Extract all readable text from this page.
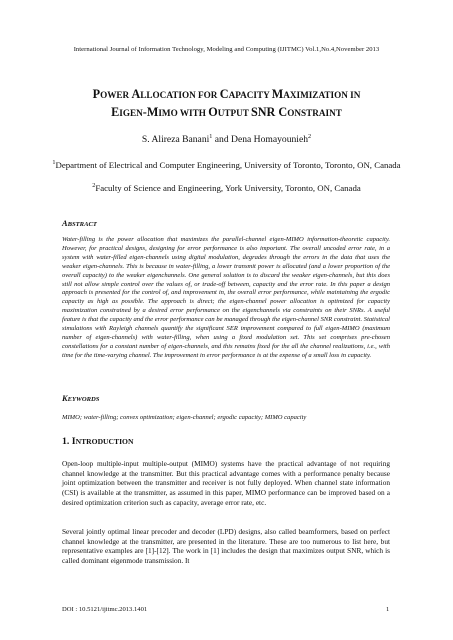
International Journal of Information Technology, Modeling and Computing (IJITMC) Vol.1,No.4,November 2013
POWER ALLOCATION FOR CAPACITY MAXIMIZATION IN
EIGEN-MIMO WITH OUTPUT SNR CONSTRAINT
S. Alireza Banani$^1$ and Dena Homayounieh$^2$
$^1$Department of Electrical and Computer Engineering, University of Toronto, Toronto, ON, Canada
$^2$Faculty of Science and Engineering, York University, Toronto, ON, Canada
ABSTRACT

Water-filling is the power allocation that maximizes the parallel-channel eigen-MIMO information-theoretic capacity. However, for practical designs, designing for error performance is also important. The overall uncoded error rate, in a system with water-filled eigen-channels using digital modulation, degrades through the errors in the data that uses the weaker eigen-channels. This is because in water-filling, a lower transmit power is allocated (and a lower proportion of the overall capacity) to the weaker eigenchannels. One general solution is to discard the weaker eigen-channels, but this does still not allow simple control over the values of, or trade-off between, capacity and the error rate. In this paper a design approach is presented for the control of, and improvement in, the overall error performance, while maintaining the ergodic capacity as high as possible. The approach is direct; the eigen-channel power allocation is optimized for capacity maximization constrained by a desired error performance on the eigenchannels via constraints on their SNRs. A useful feature is that the capacity and the error performance can be managed through the eigen-channel SNR constraint. Statistical simulations with Rayleigh channels quantify the significant SER improvement compared to full eigen-MIMO (maximum number of eigen-channels) with water-filling, when using a fixed modulation set. This set comprises pre-chosen constellations for a constant number of eigen-channels, and this remains fixed for the all the channel realizations, i.e., with time for the time-varying channel. The improvement in error performance is at the expense of a small loss in capacity.

KEYWORDS

MIMO; water-filling; convex optimization; eigen-channel; ergodic capacity; MIMO capacity

1. INTRODUCTION

Open-loop multiple-input multiple-output (MIMO) systems have the practical advantage of not requiring channel knowledge at the transmitter. But this practical advantage comes with a performance penalty because joint optimization between the transmitter and receiver is not fully deployed. When channel state information (CSI) is available at the transmitter, as assumed in this paper, MIMO performance can be improved based on a desired optimization criterion such as capacity, average error rate, etc.

Several jointly optimal linear precoder and decoder (LPD) designs, also called beamformers, based on perfect channel knowledge at the transmitter, are presented in the literature. These are too numerous to list here, but representative examples are [1]-[12]. The work in [1] includes the design that maximizes output SNR, which is called dominant eigenmode transmission. It

DOI : 10.5121/ijitmc.2013.1401	1
